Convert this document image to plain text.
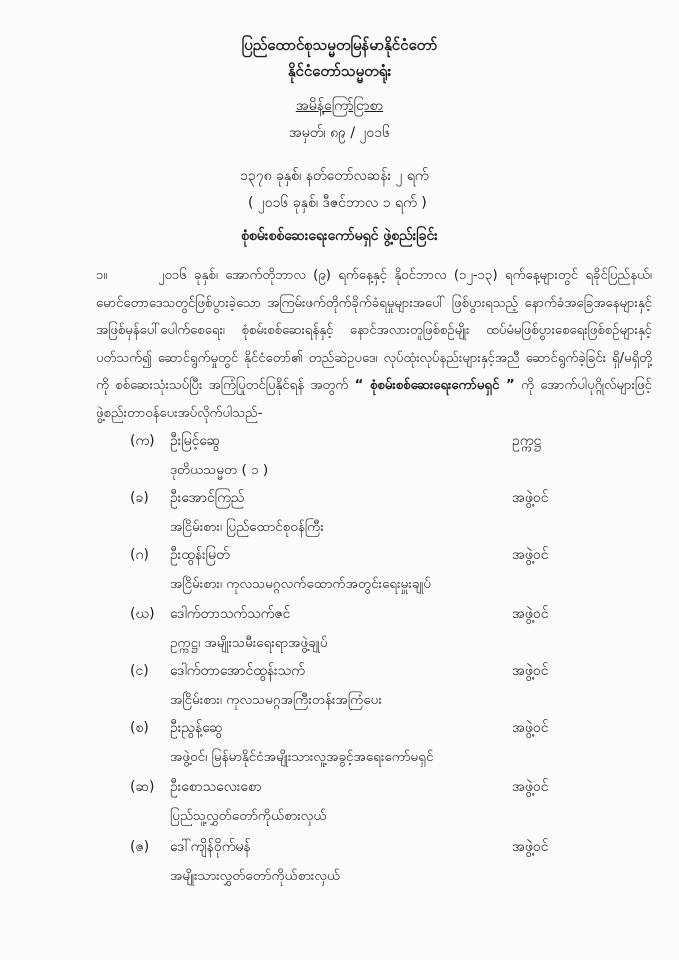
ပြည်ထောင်စုသမ္မတမြန်မာနိုင်ငံတော်
နိုင်ငံတော်သမ္မတရုံး
အမိန့်ကြော်ငြာစာ
အမှတ်၊ ၈၉ / ၂၀၁၆
၁၃၇၈ ခုနှစ်၊ နတ်တော်လဆန်း ၂ ရက်
( ၂၀၁၆ ခုနှစ်၊ ဒီဇင်ဘာလ ၁ ရက် )
စုံစမ်းစစ်ဆေးရေးကော်မရှင် ဖွဲ့စည်းခြင်း
၁။	၂၀၁၆ ခုနှစ်၊ အောက်တိုဘာလ (၉) ရက်နေ့နှင့် နိုဝင်ဘာလ (၁၂-၁၃) ရက်နေ့များတွင် ရခိုင်ပြည်နယ်၊ မောင်တောဒေသတွင်ဖြစ်ပွားခဲ့သော အကြမ်းဖက်တိုက်ခိုက်ခံရမှုများအပေါ် ဖြစ်ပွားရသည့် နောက်ခံအခြေအနေများနှင့် အဖြစ်မှန်ပေါ်ပေါက်စေရေး၊ စုံစမ်းစစ်ဆေးရန်နှင့် နောင်အလားတူဖြစ်စဉ်မျိုး ထပ်မံမဖြစ်ပွားစေရေးဖြစ်စဉ်များနှင့်ပတ်သက်၍ ဆောင်ရွက်မှုတွင် နိုင်ငံတော်၏ တည်ဆဲဥပဒေ၊ လုပ်ထုံးလုပ်နည်းများနှင့်အညီ ဆောင်ရွက်ခဲ့ခြင်း ရှိ/မရှိတို့ကို စစ်ဆေးသုံးသပ်ပြီး အကြံပြုတင်ပြနိုင်ရန် အတွက် “ စုံစမ်းစစ်ဆေးရေးကော်မရှင် ” ကို အောက်ပါပုဂ္ဂိုလ်များဖြင့် ဖွဲ့စည်းတာဝန်ပေးအပ်လိုက်ပါသည်-
(က) ဦးမြင့်ဆွေ	ဥက္ကဋ္ဌ
ဒုတိယသမ္မတ ( ၁ )
(ခ) ဦးအောင်ကြည်	အဖွဲ့ဝင်
အငြိမ်းစား၊ ပြည်ထောင်စုဝန်ကြီး
(ဂ) ဦးထွန်းမြတ်	အဖွဲ့ဝင်
အငြိမ်းစား၊ ကုလသမဂ္ဂလက်ထောက်အတွင်းရေးမှူးချုပ်
(ဃ) ဒေါက်တာသက်သက်ဇင်	အဖွဲ့ဝင်
ဥက္ကဋ္ဌ၊ အမျိုးသမီးရေးရာအဖွဲ့ချုပ်
(င) ဒေါက်တာအောင်ထွန်းသက်	အဖွဲ့ဝင်
အငြိမ်းစား၊ ကုလသမဂ္ဂအကြီးတန်းအကြံပေး
(စ) ဦးညွန့်ဆွေ	အဖွဲ့ဝင်
အဖွဲ့ဝင်၊ မြန်မာနိုင်ငံအမျိုးသားလူ့အခွင့်အရေးကော်မရှင်
(ဆ) ဦးစောသလေးစော	အဖွဲ့ဝင်
ပြည်သူ့လွှတ်တော်ကိုယ်စားလှယ်
(ဇ) ဒေါ်ကျိန်ဝိုက်မန်	အဖွဲ့ဝင်
အမျိုးသားလွှတ်တော်ကိုယ်စားလှယ်
